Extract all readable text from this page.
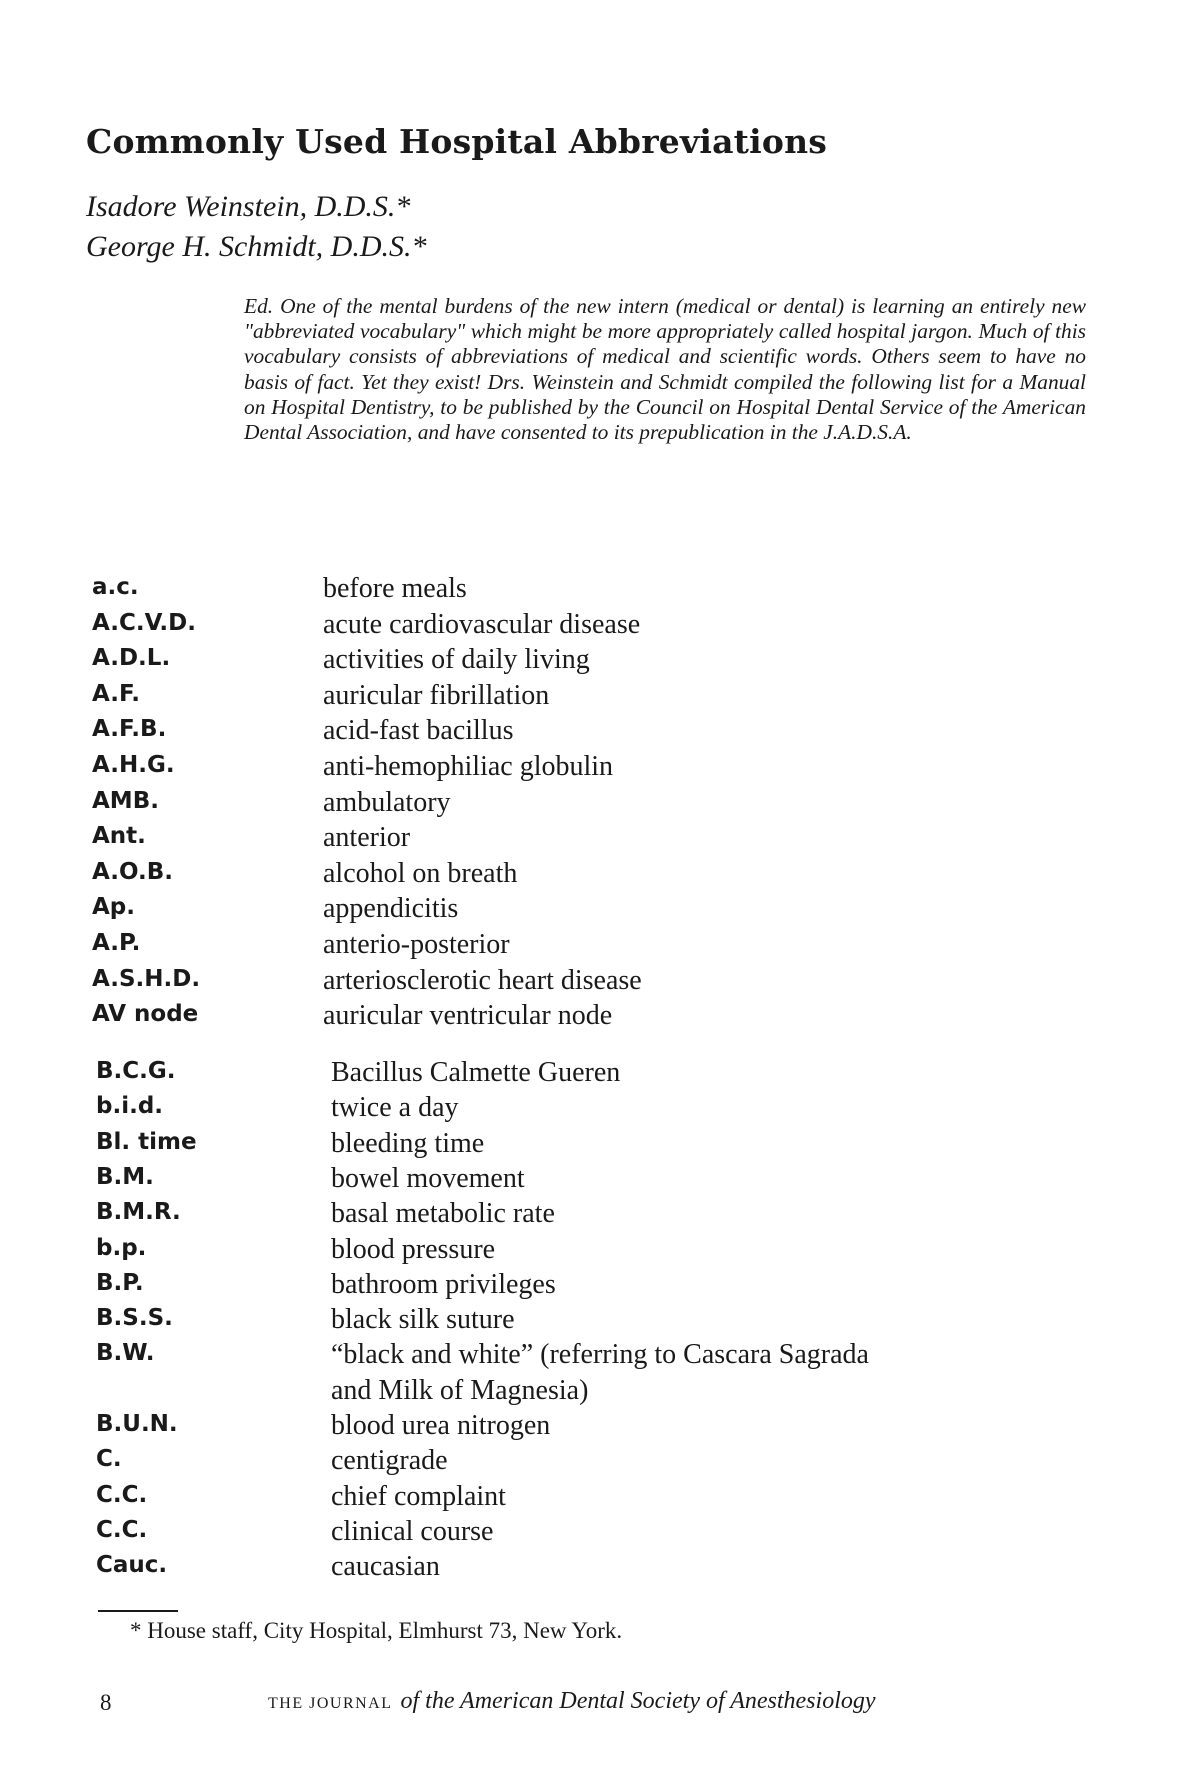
Commonly Used Hospital Abbreviations
Isadore Weinstein, D.D.S.*
George H. Schmidt, D.D.S.*
Ed. One of the mental burdens of the new intern (medical or dental) is learning an entirely new "abbreviated vocabulary" which might be more appropriately called hospital jargon. Much of this vocabulary consists of abbreviations of medical and scientific words. Others seem to have no basis of fact. Yet they exist! Drs. Weinstein and Schmidt compiled the following list for a Manual on Hospital Dentistry, to be published by the Council on Hospital Dental Service of the American Dental Association, and have consented to its prepublication in the J.A.D.S.A.
a.c.	before meals
A.C.V.D.	acute cardiovascular disease
A.D.L.	activities of daily living
A.F.	auricular fibrillation
A.F.B.	acid-fast bacillus
A.H.G.	anti-hemophiliac globulin
AMB.	ambulatory
Ant.	anterior
A.O.B.	alcohol on breath
Ap.	appendicitis
A.P.	anterio-posterior
A.S.H.D.	arteriosclerotic heart disease
AV node	auricular ventricular node
B.C.G.	Bacillus Calmette Gueren
b.i.d.	twice a day
Bl. time	bleeding time
B.M.	bowel movement
B.M.R.	basal metabolic rate
b.p.	blood pressure
B.P.	bathroom privileges
B.S.S.	black silk suture
B.W.	“black and white” (referring to Cascara Sagrada
and Milk of Magnesia)
B.U.N.	blood urea nitrogen
C.	centigrade
C.C.	chief complaint
C.C.	clinical course
Cauc.	caucasian
* House staff, City Hospital, Elmhurst 73, New York.
8	THE JOURNAL of the American Dental Society of Anesthesiology
